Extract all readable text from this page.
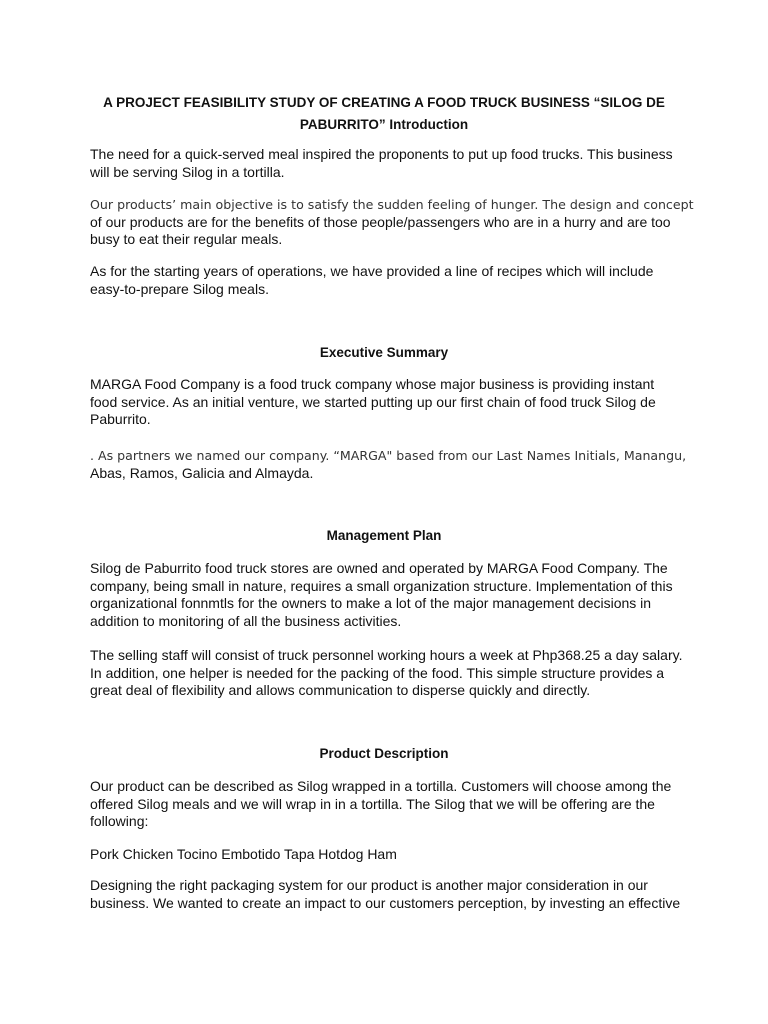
A PROJECT FEASIBILITY STUDY OF CREATING A FOOD TRUCK BUSINESS “SILOG DE
PABURRITO” Introduction

The need for a quick-served meal inspired the proponents to put up food trucks. This business
will be serving Silog in a tortilla.

Our products’ main objective is to satisfy the sudden feeling of hunger. The design and concept
of our products are for the benefits of those people/passengers who are in a hurry and are too
busy to eat their regular meals.

As for the starting years of operations, we have provided a line of recipes which will include
easy-to-prepare Silog meals.

Executive Summary

MARGA Food Company is a food truck company whose major business is providing instant
food service. As an initial venture, we started putting up our first chain of food truck Silog de
Paburrito.

. As partners we named our company. “MARGA" based from our Last Names Initials, Manangu,
Abas, Ramos, Galicia and Almayda.

Management Plan

Silog de Paburrito food truck stores are owned and operated by MARGA Food Company. The
company, being small in nature, requires a small organization structure. Implementation of this
organizational fonnmtls for the owners to make a lot of the major management decisions in
addition to monitoring of all the business activities.

The selling staff will consist of truck personnel working hours a week at Php368.25 a day salary.
In addition, one helper is needed for the packing of the food. This simple structure provides a
great deal of flexibility and allows communication to disperse quickly and directly.

Product Description

Our product can be described as Silog wrapped in a tortilla. Customers will choose among the
offered Silog meals and we will wrap in in a tortilla. The Silog that we will be offering are the
following:

Pork Chicken Tocino Embotido Tapa Hotdog Ham

Designing the right packaging system for our product is another major consideration in our
business. We wanted to create an impact to our customers perception, by investing an effective
